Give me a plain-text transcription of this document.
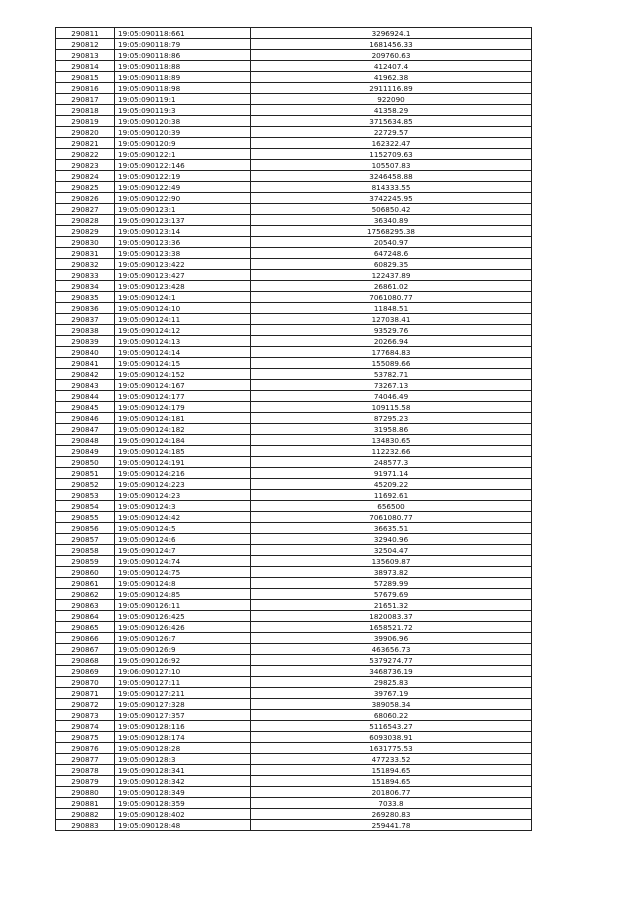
290811	19:05:090118:661	3296924.1
290812	19:05:090118:79	1681456.33
290813	19:05:090118:86	209760.63
290814	19:05:090118:88	412407.4
290815	19:05:090118:89	41962.38
290816	19:05:090118:98	2911116.89
290817	19:05:090119:1	922090
290818	19:05:090119:3	41358.29
290819	19:05:090120:38	3715634.85
290820	19:05:090120:39	22729.57
290821	19:05:090120:9	162322.47
290822	19:05:090122:1	1152709.63
290823	19:05:090122:146	105507.83
290824	19:05:090122:19	3246458.88
290825	19:05:090122:49	814333.55
290826	19:05:090122:90	3742245.95
290827	19:05:090123:1	506850.42
290828	19:05:090123:137	36340.89
290829	19:05:090123:14	17568295.38
290830	19:05:090123:36	20540.97
290831	19:05:090123:38	647248.6
290832	19:05:090123:422	60829.35
290833	19:05:090123:427	122437.89
290834	19:05:090123:428	26861.02
290835	19:05:090124:1	7061080.77
290836	19:05:090124:10	11848.51
290837	19:05:090124:11	127038.41
290838	19:05:090124:12	93529.76
290839	19:05:090124:13	20266.94
290840	19:05:090124:14	177684.83
290841	19:05:090124:15	155089.66
290842	19:05:090124:152	53782.71
290843	19:05:090124:167	73267.13
290844	19:05:090124:177	74046.49
290845	19:05:090124:179	109115.58
290846	19:05:090124:181	87295.23
290847	19:05:090124:182	31958.86
290848	19:05:090124:184	134830.65
290849	19:05:090124:185	112232.66
290850	19:05:090124:191	248577.3
290851	19:05:090124:216	91971.14
290852	19:05:090124:223	45209.22
290853	19:05:090124:23	11692.61
290854	19:05:090124:3	656500
290855	19:05:090124:42	7061080.77
290856	19:05:090124:5	36635.51
290857	19:05:090124:6	32940.96
290858	19:05:090124:7	32504.47
290859	19:05:090124:74	135609.87
290860	19:05:090124:75	38973.82
290861	19:05:090124:8	57289.99
290862	19:05:090124:85	57679.69
290863	19:05:090126:11	21651.32
290864	19:05:090126:425	1820083.37
290865	19:05:090126:426	1658521.72
290866	19:05:090126:7	39906.96
290867	19:05:090126:9	463656.73
290868	19:05:090126:92	5379274.77
290869	19:06:090127:10	3468736.19
290870	19:05:090127:11	29825.83
290871	19:05:090127:211	39767.19
290872	19:05:090127:328	389058.34
290873	19:05:090127:357	68060.22
290874	19:05:090128:116	5116543.27
290875	19:05:090128:174	6093038.91
290876	19:05:090128:28	1631775.53
290877	19:05:090128:3	477233.52
290878	19:05:090128:341	151894.65
290879	19:05:090128:342	151894.65
290880	19:05:090128:349	201806.77
290881	19:05:090128:359	7033.8
290882	19:05:090128:402	269280.83
290883	19:05:090128:48	259441.78
